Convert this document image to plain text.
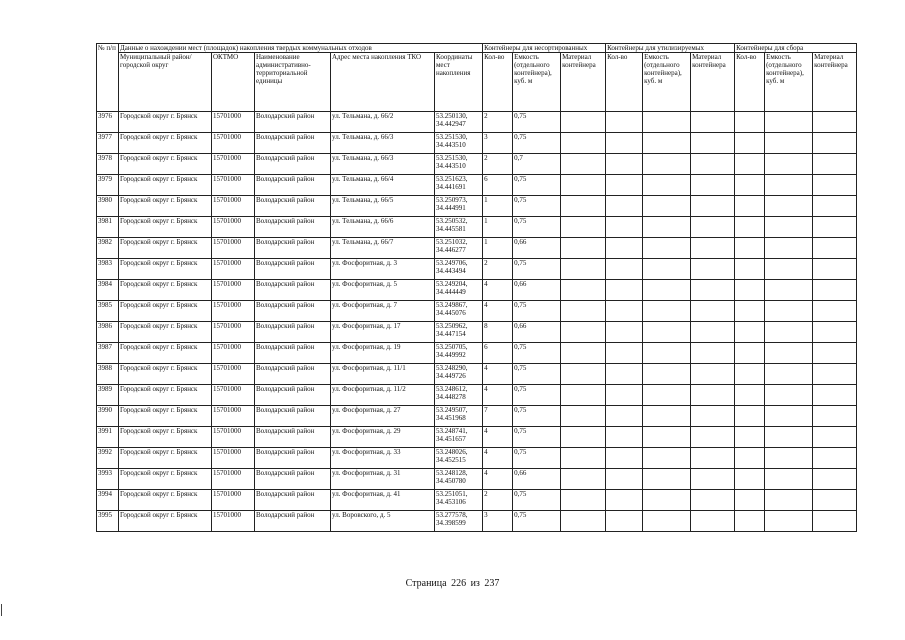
№ п/п	Данные о нахождении мест (площадок) накопления твердых коммунальных отходов					Контейнеры для несортированных			Контейнеры для утилизируемых			Контейнеры для сбора		
	Муниципальный район/городской округ	ОКТМО	Наименование административно-территориальной единицы	Адрес места накопления ТКО	Координаты мест накопления	Кол-во	Емкость (отдельного контейнера), куб. м	Материал контейнера	Кол-во	Емкость (отдельного контейнера), куб. м	Материал контейнера	Кол-во	Емкость (отдельного контейнера), куб. м	Материал контейнера
3976	Городской округ г. Брянск	15701000	Володарский район	ул. Тельмана, д. 66/2	53.250130, 34.442947	2	0,75							
3977	Городской округ г. Брянск	15701000	Володарский район	ул. Тельмана, д. 66/3	53.251530, 34.443510	3	0,75							
3978	Городской округ г. Брянск	15701000	Володарский район	ул. Тельмана, д. 66/3	53.251530, 34.443510	2	0,7							
3979	Городской округ г. Брянск	15701000	Володарский район	ул. Тельмана, д. 66/4	53.251623, 34.441691	6	0,75							
3980	Городской округ г. Брянск	15701000	Володарский район	ул. Тельмана, д. 66/5	53.250973, 34.444991	1	0,75							
3981	Городской округ г. Брянск	15701000	Володарский район	ул. Тельмана, д. 66/6	53.250532, 34.445581	1	0,75							
3982	Городской округ г. Брянск	15701000	Володарский район	ул. Тельмана, д. 66/7	53.251032, 34.446277	1	0,66							
3983	Городской округ г. Брянск	15701000	Володарский район	ул. Фосфоритная, д. 3	53.249706, 34.443494	2	0,75							
3984	Городской округ г. Брянск	15701000	Володарский район	ул. Фосфоритная, д. 5	53.249204, 34.444449	4	0,66							
3985	Городской округ г. Брянск	15701000	Володарский район	ул. Фосфоритная, д. 7	53.249867, 34.445076	4	0,75							
3986	Городской округ г. Брянск	15701000	Володарский район	ул. Фосфоритная, д. 17	53.250962, 34.447154	8	0,66							
3987	Городской округ г. Брянск	15701000	Володарский район	ул. Фосфоритная, д. 19	53.250705, 34.449992	6	0,75							
3988	Городской округ г. Брянск	15701000	Володарский район	ул. Фосфоритная, д. 11/1	53.248290, 34.449726	4	0,75							
3989	Городской округ г. Брянск	15701000	Володарский район	ул. Фосфоритная, д. 11/2	53.248612, 34.448278	4	0,75							
3990	Городской округ г. Брянск	15701000	Володарский район	ул. Фосфоритная, д. 27	53.249507, 34.451968	7	0,75							
3991	Городской округ г. Брянск	15701000	Володарский район	ул. Фосфоритная, д. 29	53.248741, 34.451657	4	0,75							
3992	Городской округ г. Брянск	15701000	Володарский район	ул. Фосфоритная, д. 33	53.248026, 34.452515	4	0,75							
3993	Городской округ г. Брянск	15701000	Володарский район	ул. Фосфоритная, д. 31	53.248128, 34.450780	4	0,66							
3994	Городской округ г. Брянск	15701000	Володарский район	ул. Фосфоритная, д. 41	53.251051, 34.453106	2	0,75							
3995	Городской округ г. Брянск	15701000	Володарский район	ул. Воровского, д. 5	53.277578, 34.398599	3	0,75							
Страница 226 из 237
